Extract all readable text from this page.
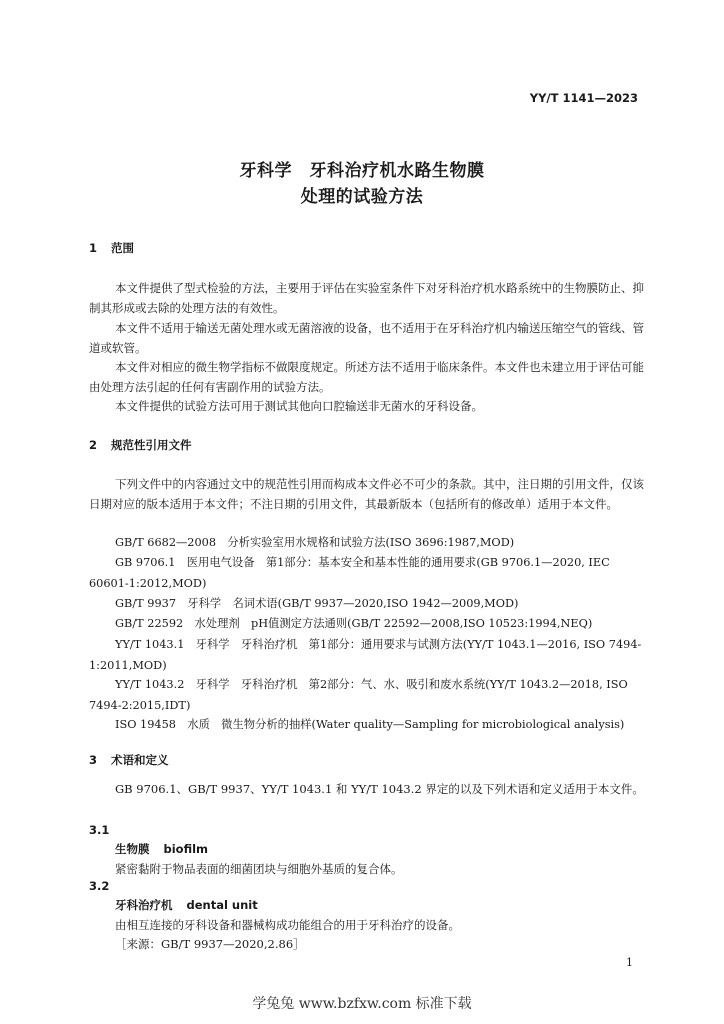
YY/T 1141—2023
牙科学　牙科治疗机水路生物膜
处理的试验方法
1 范围
本文件提供了型式检验的方法，主要用于评估在实验室条件下对牙科治疗机水路系统中的生物膜防止、抑制其形成或去除的处理方法的有效性。
本文件不适用于输送无菌处理水或无菌溶液的设备，也不适用于在牙科治疗机内输送压缩空气的管线、管道或软管。
本文件对相应的微生物学指标不做限度规定。所述方法不适用于临床条件。本文件也未建立用于评估可能由处理方法引起的任何有害副作用的试验方法。
本文件提供的试验方法可用于测试其他向口腔输送非无菌水的牙科设备。
2 规范性引用文件
下列文件中的内容通过文中的规范性引用而构成本文件必不可少的条款。其中，注日期的引用文件，仅该日期对应的版本适用于本文件；不注日期的引用文件，其最新版本（包括所有的修改单）适用于本文件。
GB/T 6682—2008　分析实验室用水规格和试验方法(ISO 3696:1987,MOD)
GB 9706.1　医用电气设备　第1部分：基本安全和基本性能的通用要求(GB 9706.1—2020, IEC 60601-1:2012,MOD)
GB/T 9937　牙科学　名词术语(GB/T 9937—2020,ISO 1942—2009,MOD)
GB/T 22592　水处理剂　pH值测定方法通则(GB/T 22592—2008,ISO 10523:1994,NEQ)
YY/T 1043.1　牙科学　牙科治疗机　第1部分：通用要求与试测方法(YY/T 1043.1—2016, ISO 7494-1:2011,MOD)
YY/T 1043.2　牙科学　牙科治疗机　第2部分：气、水、吸引和废水系统(YY/T 1043.2—2018, ISO 7494-2:2015,IDT)
ISO 19458　水质　微生物分析的抽样(Water quality—Sampling for microbiological analysis)
3 术语和定义
GB 9706.1、GB/T 9937、YY/T 1043.1 和 YY/T 1043.2 界定的以及下列术语和定义适用于本文件。
3.1
生物膜 biofilm
紧密黏附于物品表面的细菌团块与细胞外基质的复合体。
3.2
牙科治疗机 dental unit
由相互连接的牙科设备和器械构成功能组合的用于牙科治疗的设备。
［来源：GB/T 9937—2020,2.86］
1
学兔兔 www.bzfxw.com 标准下载
